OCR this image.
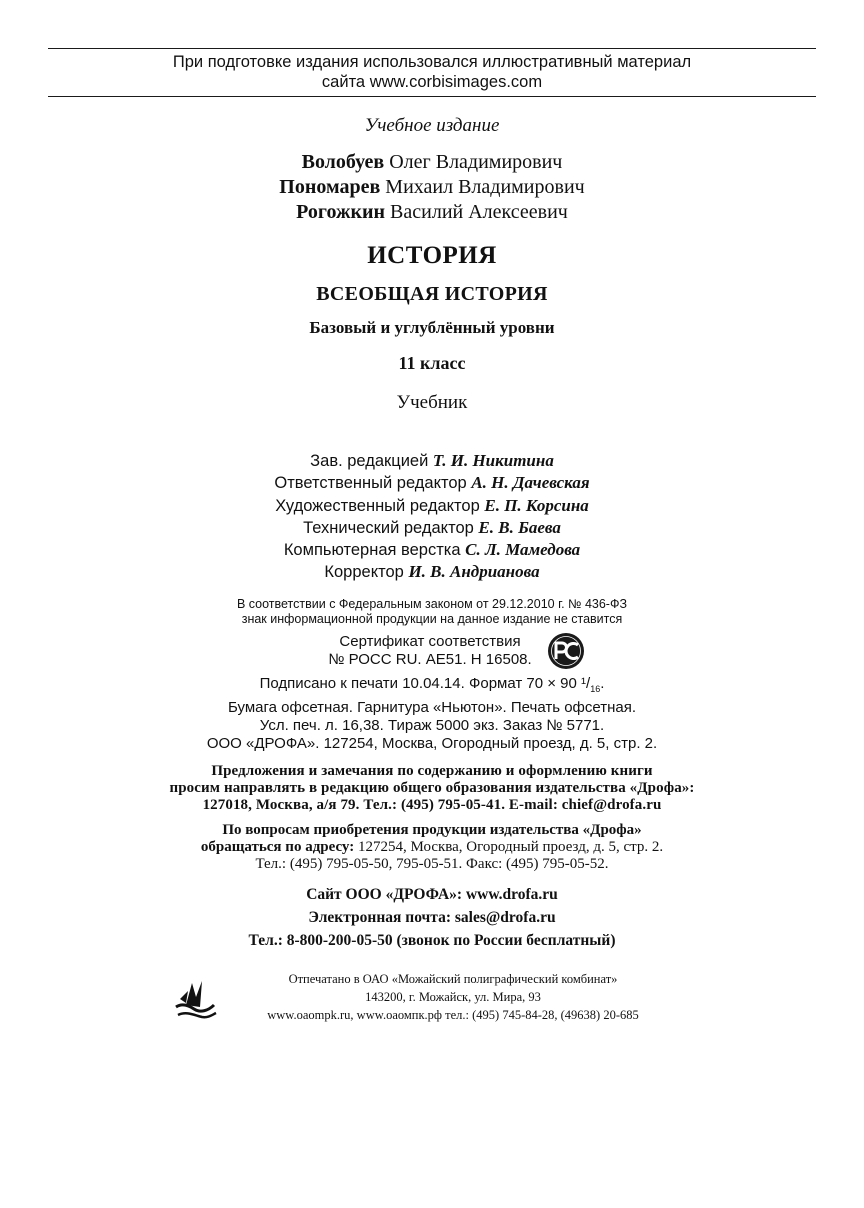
При подготовке издания использовался иллюстративный материал
сайта www.corbisimages.com
Учебное издание
Волобуев Олег Владимирович
Пономарев Михаил Владимирович
Рогожкин Василий Алексеевич
ИСТОРИЯ
ВСЕОБЩАЯ ИСТОРИЯ
Базовый и углублённый уровни
11 класс
Учебник
Зав. редакцией Т. И. Никитина
Ответственный редактор А. Н. Дачевская
Художественный редактор Е. П. Корсина
Технический редактор Е. В. Баева
Компьютерная верстка С. Л. Мамедова
Корректор И. В. Андрианова
В соответствии с Федеральным законом от 29.12.2010 г. № 436-ФЗ
знак информационной продукции на данное издание не ставится
Сертификат соответствия
№ РОСС RU. АЕ51. Н 16508.
Подписано к печати 10.04.14. Формат 70 × 90 $^1/_{16}$.
Бумага офсетная. Гарнитура «Ньютон». Печать офсетная.
Усл. печ. л. 16,38. Тираж 5000 экз. Заказ № 5771.
ООО «ДРОФА». 127254, Москва, Огородный проезд, д. 5, стр. 2.
Предложения и замечания по содержанию и оформлению книги
просим направлять в редакцию общего образования издательства «Дрофа»:
127018, Москва, а/я 79. Тел.: (495) 795-05-41. E-mail: chief@drofa.ru
По вопросам приобретения продукции издательства «Дрофа»
обращаться по адресу: 127254, Москва, Огородный проезд, д. 5, стр. 2.
Тел.: (495) 795-05-50, 795-05-51. Факс: (495) 795-05-52.
Сайт ООО «ДРОФА»: www.drofa.ru
Электронная почта: sales@drofa.ru
Тел.: 8-800-200-05-50 (звонок по России бесплатный)
Отпечатано в ОАО «Можайский полиграфический комбинат»
143200, г. Можайск, ул. Мира, 93
www.oaompk.ru, www.оаомпк.рф тел.: (495) 745-84-28, (49638) 20-685
